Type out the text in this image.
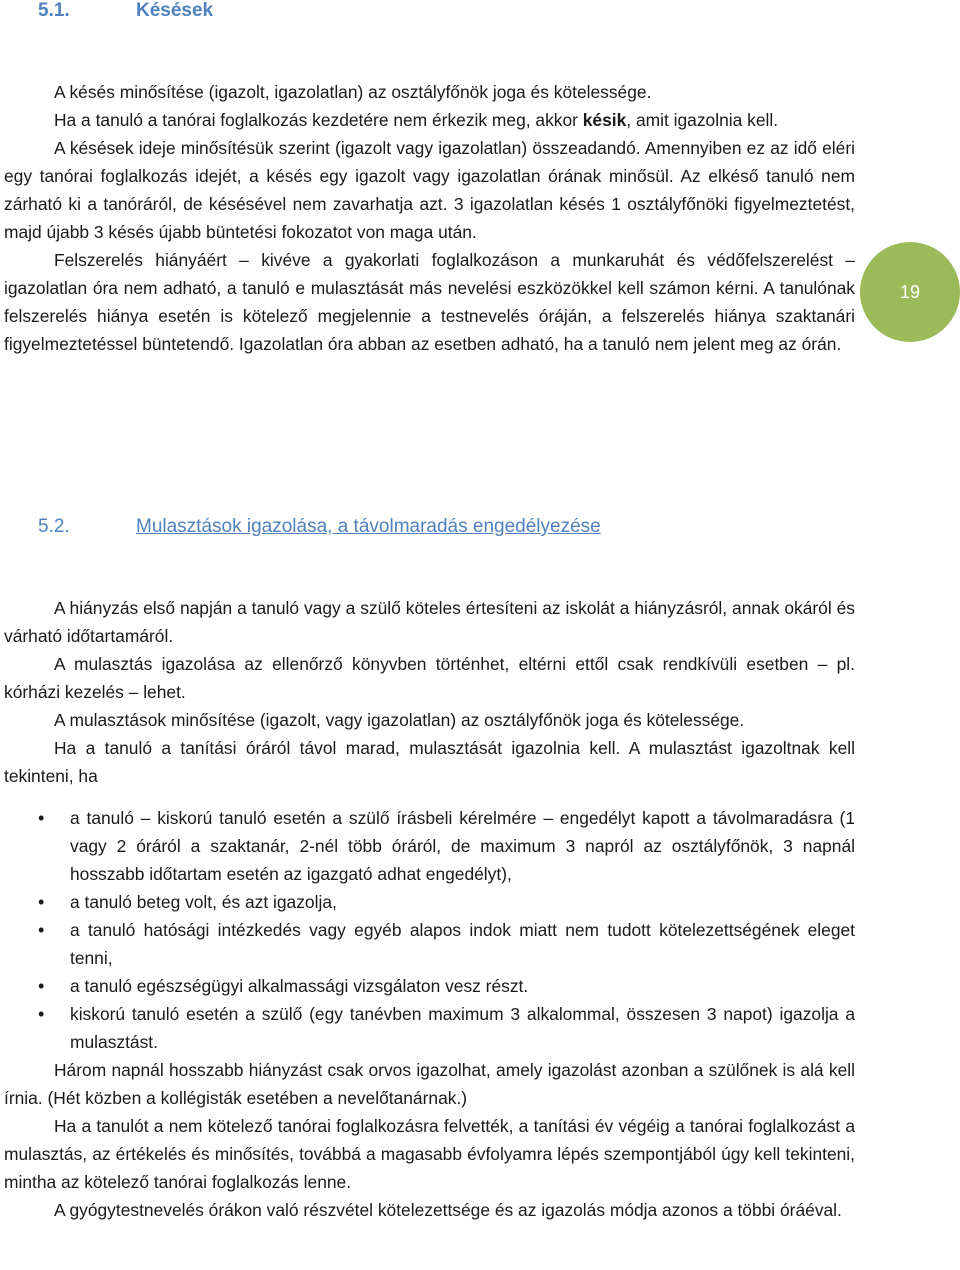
5.1.	Késések

A késés minősítése (igazolt, igazolatlan) az osztályfőnök joga és kötelessége.

Ha a tanuló a tanórai foglalkozás kezdetére nem érkezik meg, akkor késik, amit igazolnia kell.

A késések ideje minősítésük szerint (igazolt vagy igazolatlan) összeadandó. Amennyiben ez az idő eléri egy tanórai foglalkozás idejét, a késés egy igazolt vagy igazolatlan órának minősül. Az elkéső tanuló nem zárható ki a tanóráról, de késésével nem zavarhatja azt. 3 igazolatlan késés 1 osztályfőnöki figyelmeztetést, majd újabb 3 késés újabb büntetési fokozatot von maga után.

Felszerelés hiányáért – kivéve a gyakorlati foglalkozáson a munkaruhát és védőfelszerelést – igazolatlan óra nem adható, a tanuló e mulasztását más nevelési eszközökkel kell számon kérni. A tanulónak felszerelés hiánya esetén is kötelező megjelennie a testnevelés óráján, a felszerelés hiánya szaktanári figyelmeztetéssel büntetendő. Igazolatlan óra abban az esetben adható, ha a tanuló nem jelent meg az órán.

19
5.2.	Mulasztások igazolása, a távolmaradás engedélyezése

A hiányzás első napján a tanuló vagy a szülő köteles értesíteni az iskolát a hiányzásról, annak okáról és várható időtartamáról.

A mulasztás igazolása az ellenőrző könyvben történhet, eltérni ettől csak rendkívüli esetben – pl. kórházi kezelés – lehet.

A mulasztások minősítése (igazolt, vagy igazolatlan) az osztályfőnök joga és kötelessége.

Ha a tanuló a tanítási óráról távol marad, mulasztását igazolnia kell. A mulasztást igazoltnak kell tekinteni, ha

• a tanuló – kiskorú tanuló esetén a szülő írásbeli kérelmére – engedélyt kapott a távolmaradásra (1 vagy 2 óráról a szaktanár, 2-nél több óráról, de maximum 3 napról az osztályfőnök, 3 napnál hosszabb időtartam esetén az igazgató adhat engedélyt),
• a tanuló beteg volt, és azt igazolja,
• a tanuló hatósági intézkedés vagy egyéb alapos indok miatt nem tudott kötelezettségének eleget tenni,
• a tanuló egészségügyi alkalmassági vizsgálaton vesz részt.
• kiskorú tanuló esetén a szülő (egy tanévben maximum 3 alkalommal, összesen 3 napot) igazolja a mulasztást.

Három napnál hosszabb hiányzást csak orvos igazolhat, amely igazolást azonban a szülőnek is alá kell írnia. (Hét közben a kollégisták esetében a nevelőtanárnak.)

Ha a tanulót a nem kötelező tanórai foglalkozásra felvették, a tanítási év végéig a tanórai foglalkozást a mulasztás, az értékelés és minősítés, továbbá a magasabb évfolyamra lépés szempontjából úgy kell tekinteni, mintha az kötelező tanórai foglalkozás lenne.

A gyógytestnevelés órákon való részvétel kötelezettsége és az igazolás módja azonos a többi óráéval.
